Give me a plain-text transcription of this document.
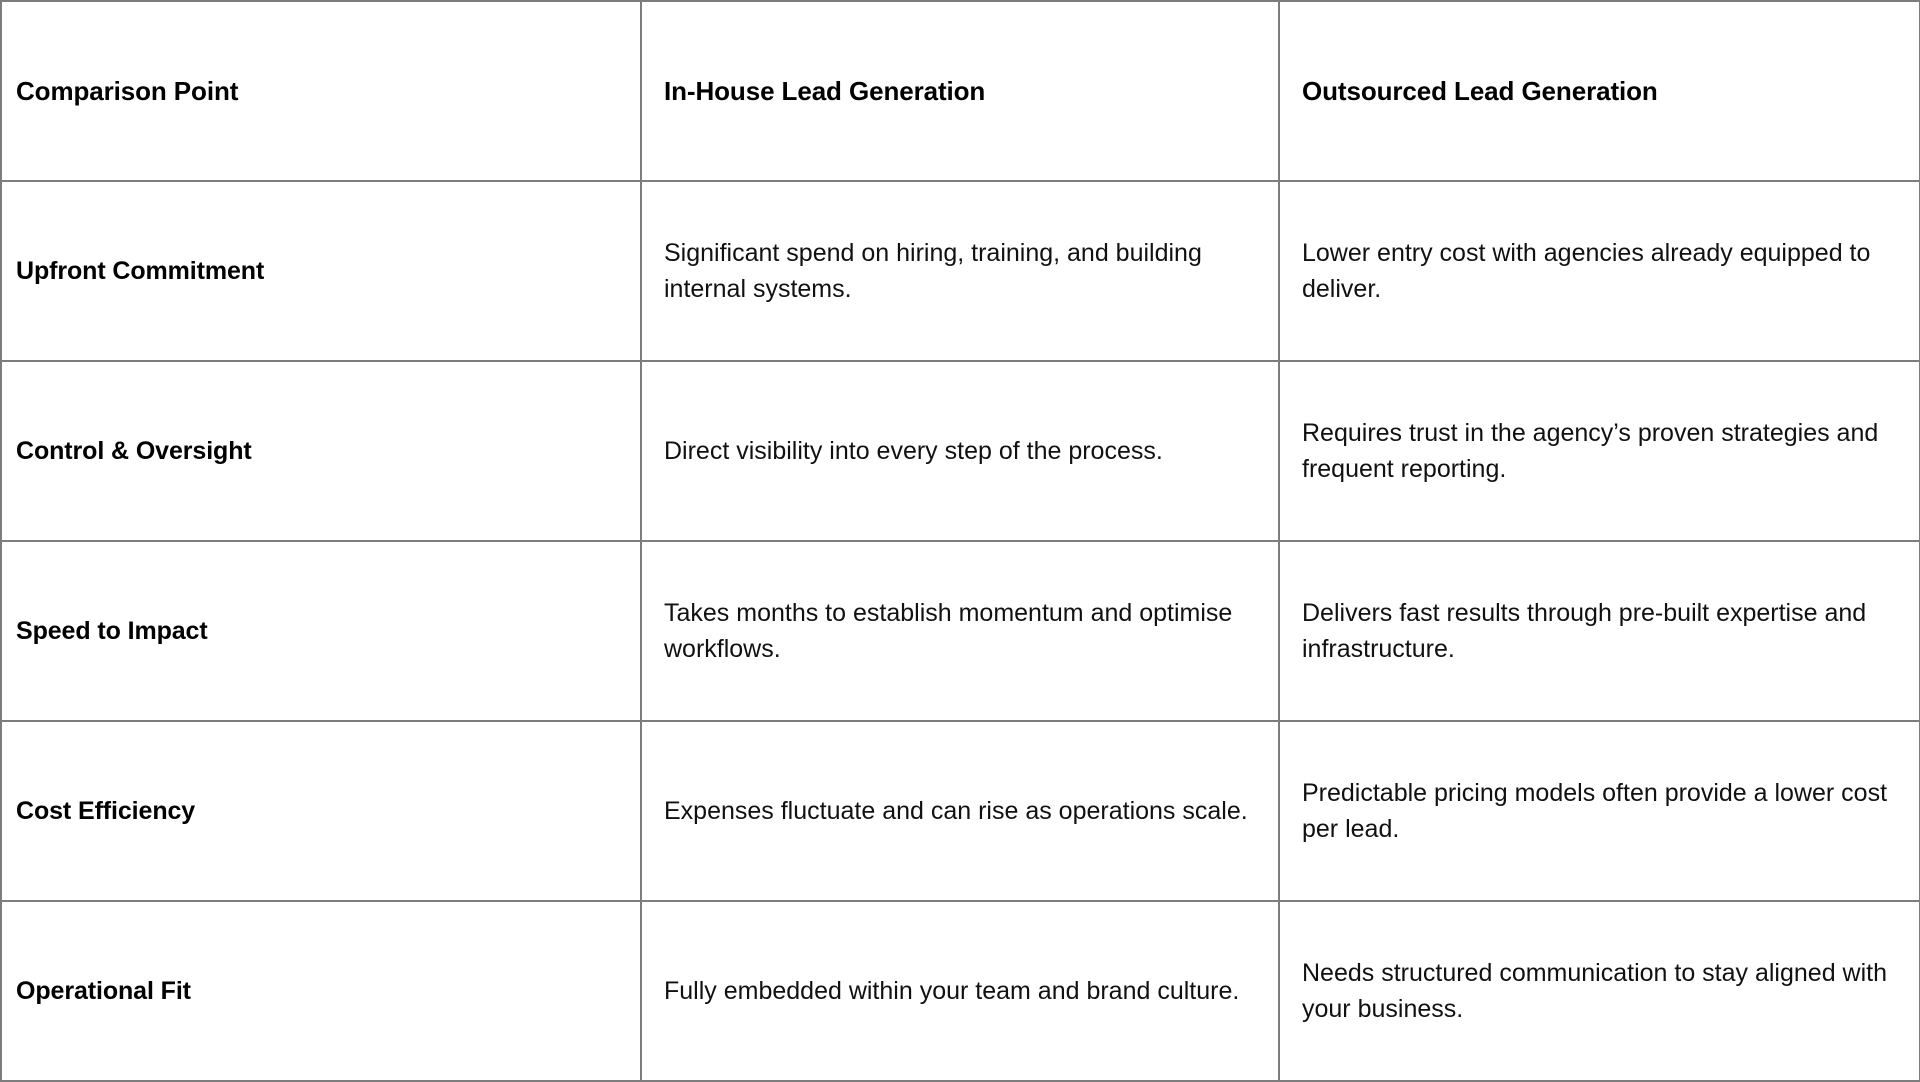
Comparison Point	In-House Lead Generation	Outsourced Lead Generation
Upfront Commitment	Significant spend on hiring, training, and building internal systems.	Lower entry cost with agencies already equipped to deliver.
Control & Oversight	Direct visibility into every step of the process.	Requires trust in the agency’s proven strategies and frequent reporting.
Speed to Impact	Takes months to establish momentum and optimise workflows.	Delivers fast results through pre-built expertise and infrastructure.
Cost Efficiency	Expenses fluctuate and can rise as operations scale.	Predictable pricing models often provide a lower cost per lead.
Operational Fit	Fully embedded within your team and brand culture.	Needs structured communication to stay aligned with your business.
